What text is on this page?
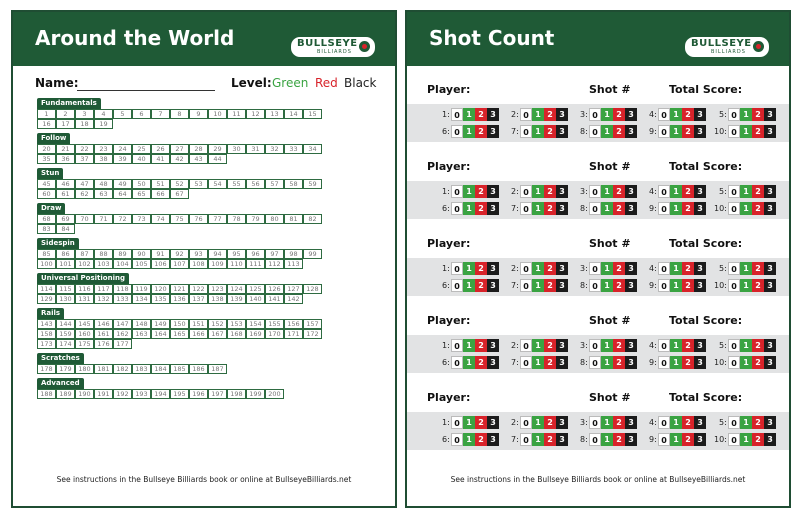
Around the World	BULLSEYE
BILLIARDS
Name:	Level: Green Red Black
Fundamentals
1	2	3	4	5	6	7	8	9	10	11	12	13	14	15
16	17	18	19
Follow
20	21	22	23	24	25	26	27	28	29	30	31	32	33	34
35	36	37	38	39	40	41	42	43	44
Stun
45	46	47	48	49	50	51	52	53	54	55	56	57	58	59
60	61	62	63	64	65	66	67
Draw
68	69	70	71	72	73	74	75	76	77	78	79	80	81	82
83	84
Sidespin
85	86	87	88	89	90	91	92	93	94	95	96	97	98	99
100	101	102	103	104	105	106	107	108	109	110	111	112	113
Universal Positioning
114	115	116	117	118	119	120	121	122	123	124	125	126	127	128
129	130	131	132	133	134	135	136	137	138	139	140	141	142
Rails
143	144	145	146	147	148	149	150	151	152	153	154	155	156	157
158	159	160	161	162	163	164	165	166	167	168	169	170	171	172
173	174	175	176	177
Scratches
178	179	180	181	182	183	184	185	186	187
Advanced
188	189	190	191	192	193	194	195	196	197	198	199	200
See instructions in the Bullseye Billiards book or online at BullseyeBilliards.net
Shot Count	BULLSEYE
BILLIARDS
Player:	Shot #	Total Score:
1: 0 1 2 3	2: 0 1 2 3	3: 0 1 2 3	4: 0 1 2 3	5: 0 1 2 3
6: 0 1 2 3	7: 0 1 2 3	8: 0 1 2 3	9: 0 1 2 3	10: 0 1 2 3
Player:	Shot #	Total Score:
1: 0 1 2 3	2: 0 1 2 3	3: 0 1 2 3	4: 0 1 2 3	5: 0 1 2 3
6: 0 1 2 3	7: 0 1 2 3	8: 0 1 2 3	9: 0 1 2 3	10: 0 1 2 3
Player:	Shot #	Total Score:
1: 0 1 2 3	2: 0 1 2 3	3: 0 1 2 3	4: 0 1 2 3	5: 0 1 2 3
6: 0 1 2 3	7: 0 1 2 3	8: 0 1 2 3	9: 0 1 2 3	10: 0 1 2 3
Player:	Shot #	Total Score:
1: 0 1 2 3	2: 0 1 2 3	3: 0 1 2 3	4: 0 1 2 3	5: 0 1 2 3
6: 0 1 2 3	7: 0 1 2 3	8: 0 1 2 3	9: 0 1 2 3	10: 0 1 2 3
Player:	Shot #	Total Score:
1: 0 1 2 3	2: 0 1 2 3	3: 0 1 2 3	4: 0 1 2 3	5: 0 1 2 3
6: 0 1 2 3	7: 0 1 2 3	8: 0 1 2 3	9: 0 1 2 3	10: 0 1 2 3
See instructions in the Bullseye Billiards book or online at BullseyeBilliards.net
